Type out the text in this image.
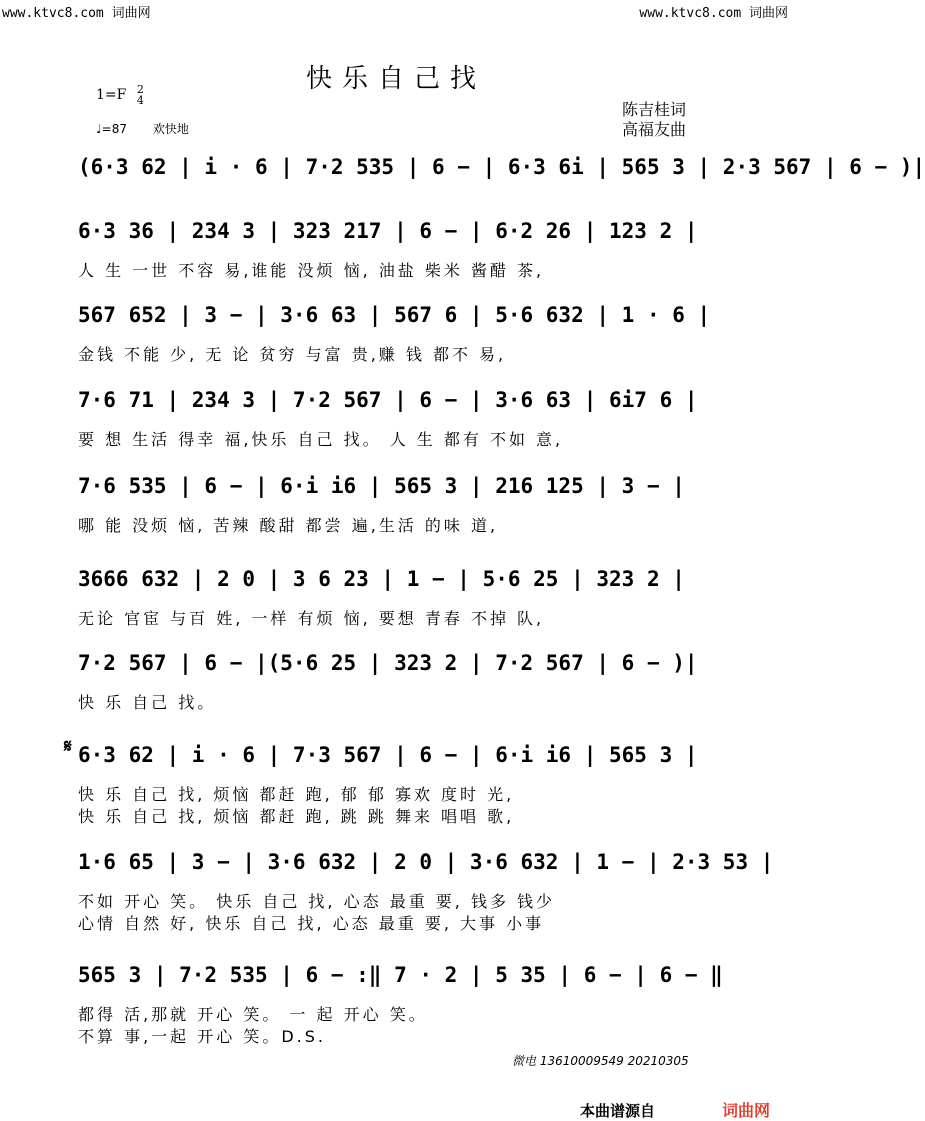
www.ktvc8.com 词曲网	www.ktvc8.com 词曲网
快乐自己找
1=F 2
4
♩=87 欢快地
陈吉桂词
高福友曲
𝄋
(6·3 62 | i · 6 | 7·2 535 | 6 − | 6·3 6i | 565 3 | 2·3 567 | 6 − )|
6·3 36 | 234 3 | 323 217 | 6 − | 6·2 26 | 123 2 |
人 生 一世 不容 易,谁能 没烦 恼, 油盐 柴米 酱醋 茶,
567 652 | 3 − | 3·6 63 | 567 6 | 5·6 632 | 1 · 6 |
金钱 不能 少, 无 论 贫穷 与富 贵,赚 钱 都不 易,
7·6 71 | 234 3 | 7·2 567 | 6 − | 3·6 63 | 6i7 6 |
要 想 生活 得幸 福,快乐 自己 找。 人 生 都有 不如 意,
7·6 535 | 6 − | 6·i i6 | 565 3 | 216 125 | 3 − |
哪 能 没烦 恼, 苦辣 酸甜 都尝 遍,生活 的味 道,
3666 632 | 2 0 | 3 6 23 | 1 − | 5·6 25 | 323 2 |
无论 官宦 与百 姓, 一样 有烦 恼, 要想 青春 不掉 队,
7·2 567 | 6 − |(5·6 25 | 323 2 | 7·2 567 | 6 − )|
快 乐 自己 找。
6·3 62 | i · 6 | 7·3 567 | 6 − | 6·i i6 | 565 3 |
快 乐 自己 找, 烦恼 都赶 跑, 郁 郁 寡欢 度时 光,
快 乐 自己 找, 烦恼 都赶 跑, 跳 跳 舞来 唱唱 歌,
1·6 65 | 3 − | 3·6 632 | 2 0 | 3·6 632 | 1 − | 2·3 53 |
不如 开心 笑。 快乐 自己 找, 心态 最重 要, 钱多 钱少
心情 自然 好, 快乐 自己 找, 心态 最重 要, 大事 小事
565 3 | 7·2 535 | 6 − :‖ 7 · 2 | 5 35 | 6 − | 6 − ‖
都得 活,那就 开心 笑。 一 起 开心 笑。
不算 事,一起 开心 笑。D.S.
微电 13610009549 20210305
本曲谱源自	词曲网
